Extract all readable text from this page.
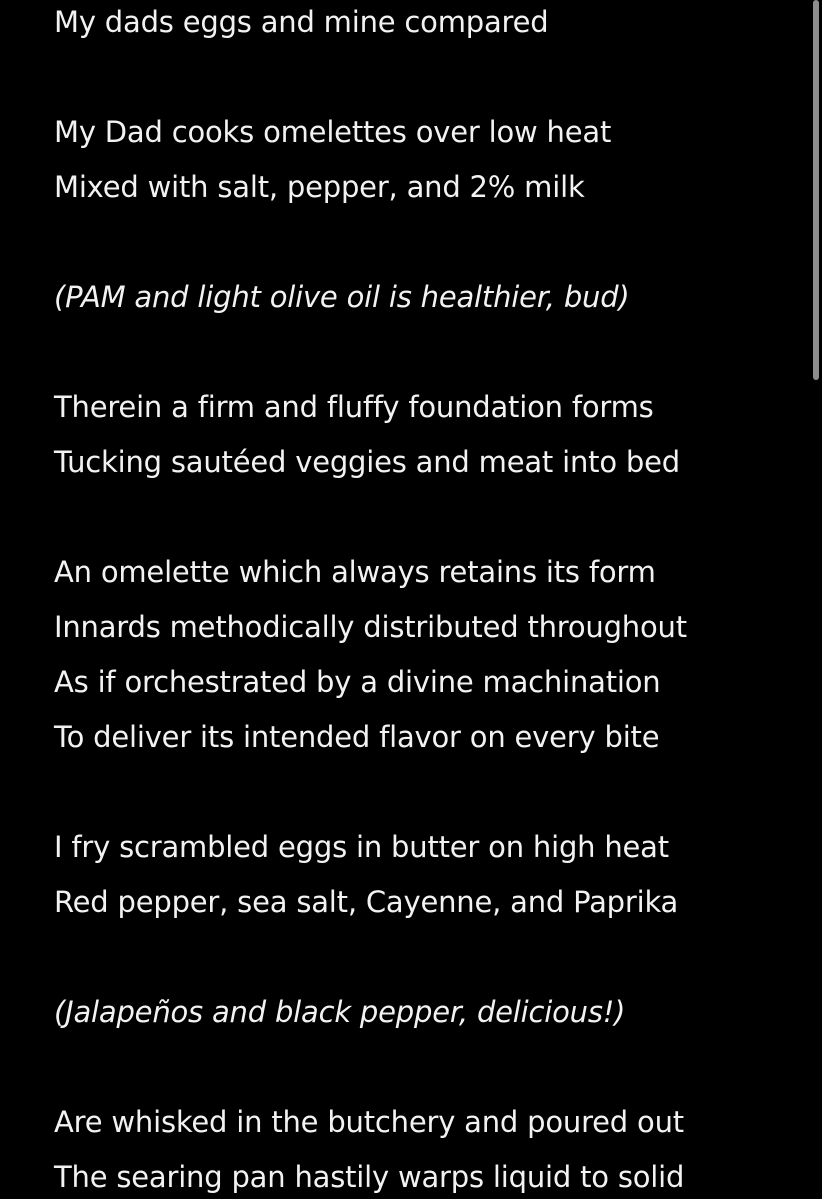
My dads eggs and mine compared
My Dad cooks omelettes over low heat
Mixed with salt, pepper, and 2% milk
(PAM and light olive oil is healthier, bud)
Therein a firm and fluffy foundation forms
Tucking sautéed veggies and meat into bed
An omelette which always retains its form
Innards methodically distributed throughout
As if orchestrated by a divine machination
To deliver its intended flavor on every bite
I fry scrambled eggs in butter on high heat
Red pepper, sea salt, Cayenne, and Paprika
(Jalapeños and black pepper, delicious!)
Are whisked in the butchery and poured out
The searing pan hastily warps liquid to solid
